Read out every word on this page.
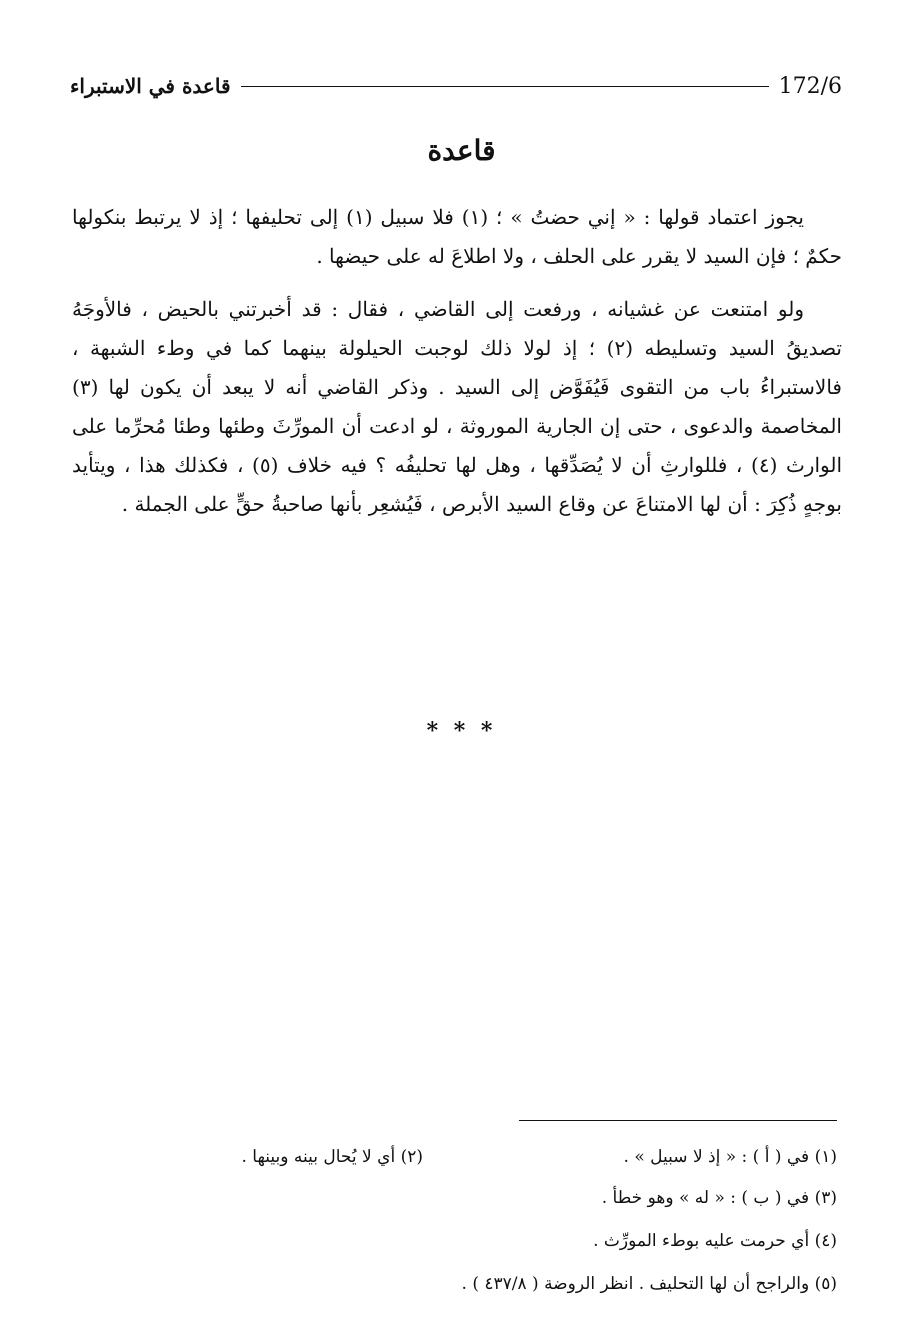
172/6
قاعدة في الاستبراء
قاعدة

يجوز اعتماد قولها : « إني حضتُ » ؛ (١) فلا سبيل (١) إلى تحليفها ؛ إذ لا يرتبط بنكولها حكمٌ ؛ فإن السيد لا يقرر على الحلف ، ولا اطلاعَ له على حيضها .

ولو امتنعت عن غشيانه ، ورفعت إلى القاضي ، فقال : قد أخبرتني بالحيض ، فالأوجَهُ تصديقُ السيد وتسليطه (٢) ؛ إذ لولا ذلك لوجبت الحيلولة بينهما كما في وطء الشبهة ، فالاستبراءُ باب من التقوى فَيُفَوَّض إلى السيد . وذكر القاضي أنه لا يبعد أن يكون لها (٣) المخاصمة والدعوى ، حتى إن الجارية الموروثة ، لو ادعت أن المورِّثَ وطئها وطئا مُحرِّما على الوارث (٤) ، فللوارثِ أن لا يُصَدِّقها ، وهل لها تحليفُه ؟ فيه خلاف (٥) ، فكذلك هذا ، ويتأيد بوجهٍ ذُكِرَ : أن لها الامتناعَ عن وقاع السيد الأبرص ، فَيُشعِر بأنها صاحبةُ حقٍّ على الجملة .

* * *
(١) في ( أ ) : « إذ لا سبيل » .
(٢) أي لا يُحال بينه وبينها .
(٣) في ( ب ) : « له » وهو خطأ .
(٤) أي حرمت عليه بوطء المورِّث .
(٥) والراجح أن لها التحليف . انظر الروضة ( ٤٣٧/٨ ) .
